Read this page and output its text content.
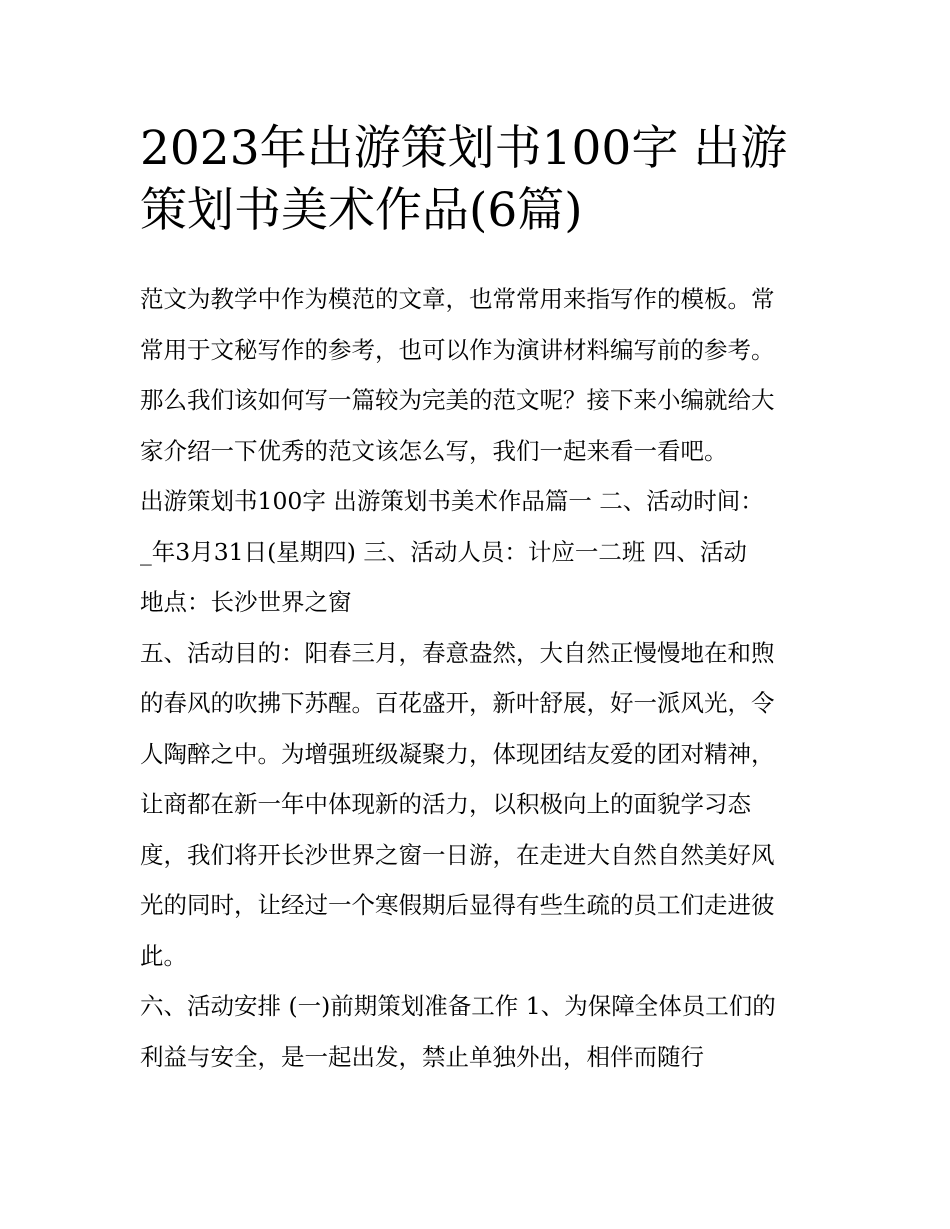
2023年出游策划书100字 出游
策划书美术作品(6篇)

范文为教学中作为模范的文章，也常常用来指写作的模板。常
常用于文秘写作的参考，也可以作为演讲材料编写前的参考。
那么我们该如何写一篇较为完美的范文呢？接下来小编就给大
家介绍一下优秀的范文该怎么写，我们一起来看一看吧。

出游策划书100字 出游策划书美术作品篇一 二、活动时间：
_年3月31日(星期四) 三、活动人员：计应一二班 四、活动
地点：长沙世界之窗

五、活动目的：阳春三月，春意盎然，大自然正慢慢地在和煦
的春风的吹拂下苏醒。百花盛开，新叶舒展，好一派风光，令
人陶醉之中。为增强班级凝聚力，体现团结友爱的团对精神，
让商都在新一年中体现新的活力，以积极向上的面貌学习态
度，我们将开长沙世界之窗一日游，在走进大自然自然美好风
光的同时，让经过一个寒假期后显得有些生疏的员工们走进彼
此。

六、活动安排 (一)前期策划准备工作 1、为保障全体员工们的
利益与安全，是一起出发，禁止单独外出，相伴而随行
